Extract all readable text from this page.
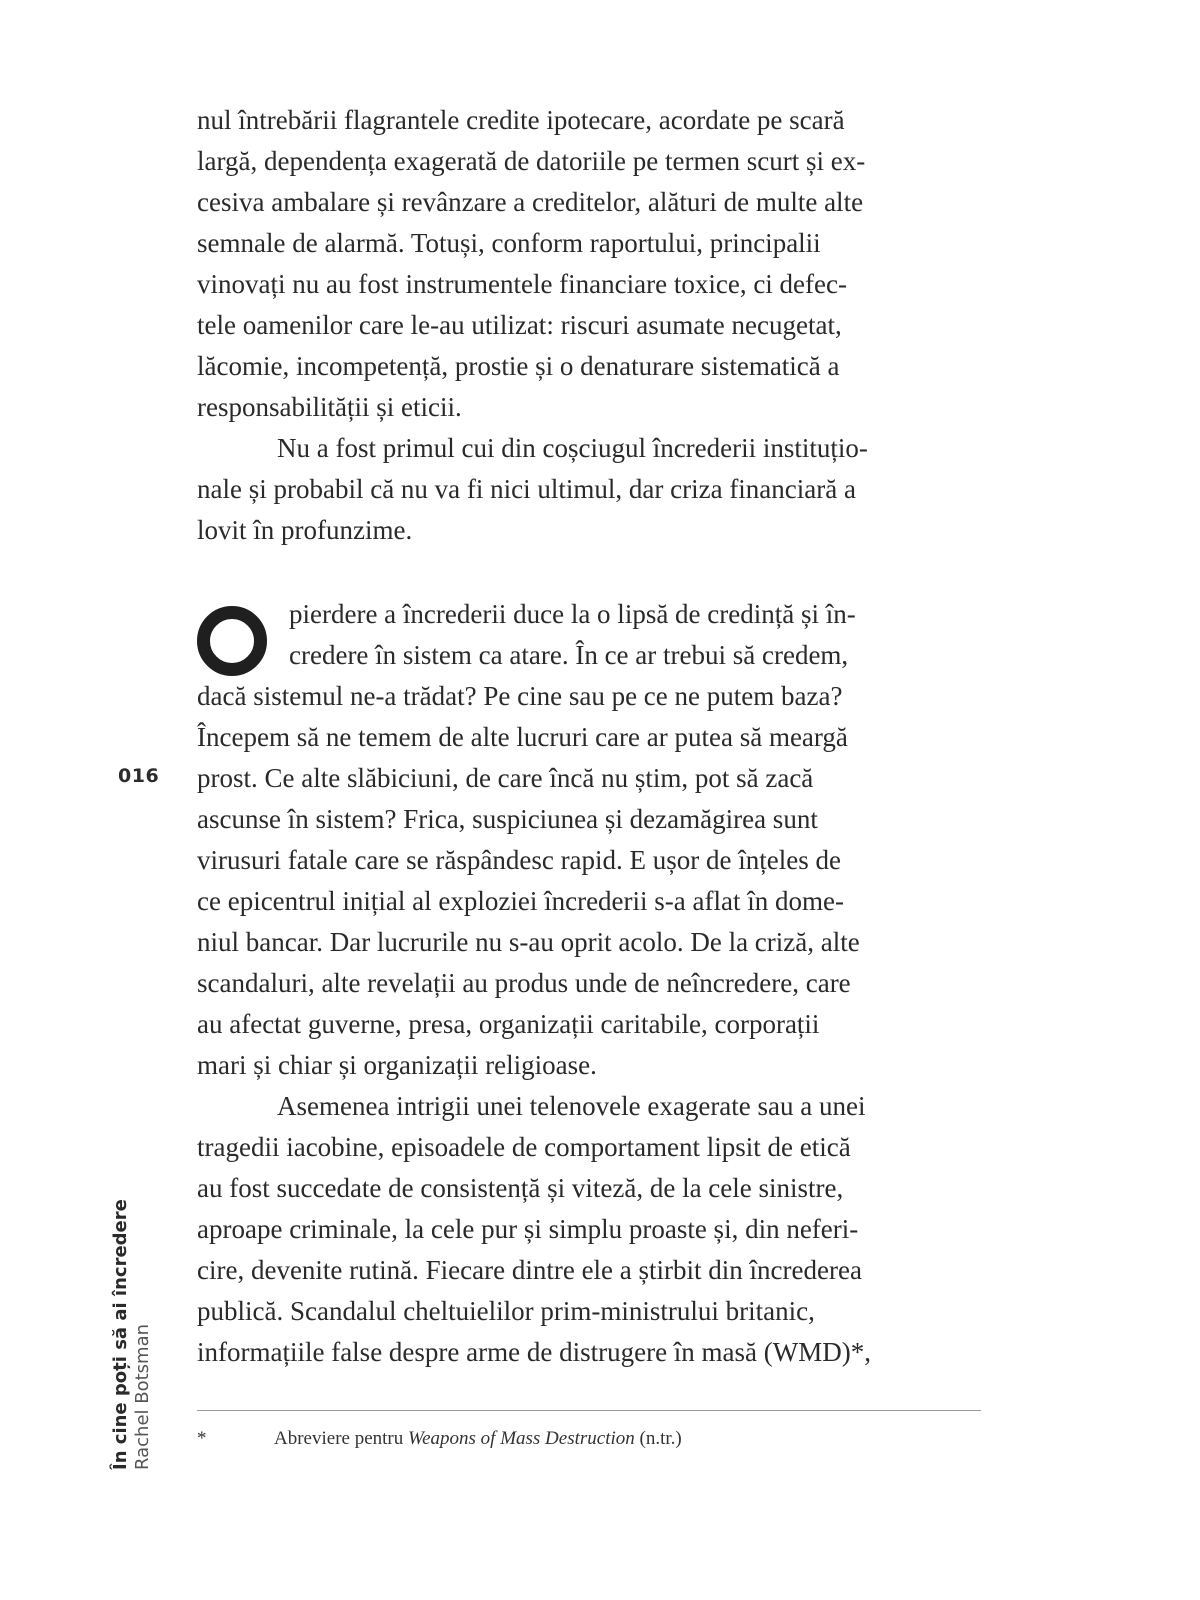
nul întrebării flagrantele credite ipotecare, acordate pe scară
largă, dependența exagerată de datoriile pe termen scurt și ex-
cesiva ambalare și revânzare a creditelor, alături de multe alte
semnale de alarmă. Totuși, conform raportului, principalii
vinovați nu au fost instrumentele financiare toxice, ci defec-
tele oamenilor care le-au utilizat: riscuri asumate necugetat,
lăcomie, incompetență, prostie și o denaturare sistematică a
responsabilității și eticii.
Nu a fost primul cui din coșciugul încrederii instituțio-
nale și probabil că nu va fi nici ultimul, dar criza financiară a
lovit în profunzime.
pierdere a încrederii duce la o lipsă de credință și în-
credere în sistem ca atare. În ce ar trebui să credem,
dacă sistemul ne-a trădat? Pe cine sau pe ce ne putem baza?
Începem să ne temem de alte lucruri care ar putea să meargă
prost. Ce alte slăbiciuni, de care încă nu știm, pot să zacă
ascunse în sistem? Frica, suspiciunea și dezamăgirea sunt
virusuri fatale care se răspândesc rapid. E ușor de înțeles de
ce epicentrul inițial al exploziei încrederii s-a aflat în dome-
niul bancar. Dar lucrurile nu s-au oprit acolo. De la criză, alte
scandaluri, alte revelații au produs unde de neîncredere, care
au afectat guverne, presa, organizații caritabile, corporații
mari și chiar și organizații religioase.
Asemenea intrigii unei telenovele exagerate sau a unei
tragedii iacobine, episoadele de comportament lipsit de etică
au fost succedate de consistență și viteză, de la cele sinistre,
aproape criminale, la cele pur și simplu proaste și, din neferi-
cire, devenite rutină. Fiecare dintre ele a știrbit din încrederea
publică. Scandalul cheltuielilor prim-ministrului britanic,
informațiile false despre arme de distrugere în masă (WMD)*,
016
În cine poți să ai încredere Rachel Botsman *	Abreviere pentru Weapons of Mass Destruction (n.tr.)
